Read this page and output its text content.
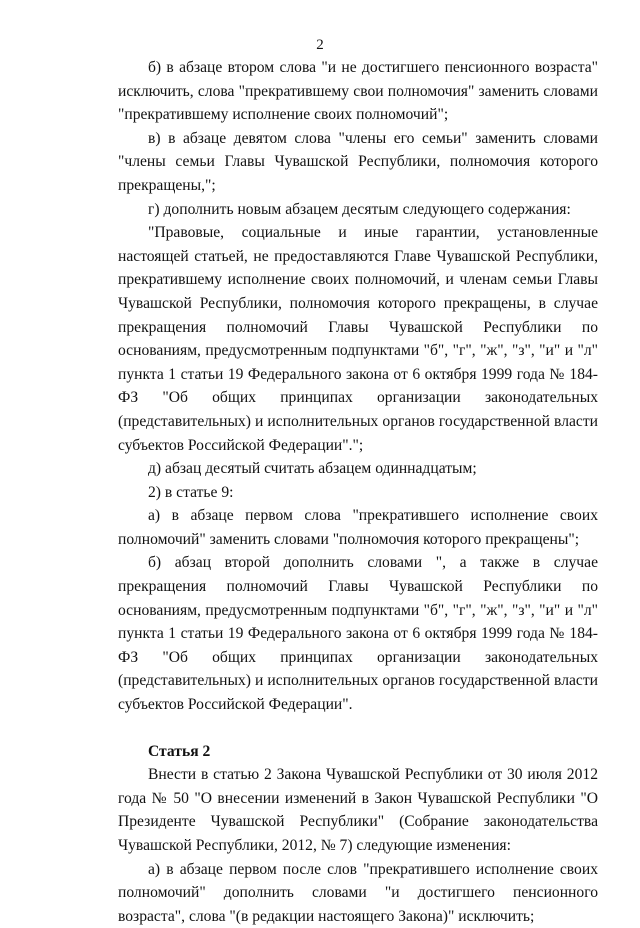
2

б) в абзаце втором слова "и не достигшего пенсионного возраста" исключить, слова "прекратившему свои полномочия" заменить словами "прекратившему исполнение своих полномочий";

в) в абзаце девятом слова "члены его семьи" заменить словами "члены семьи Главы Чувашской Республики, полномочия которого прекращены,";

г) дополнить новым абзацем десятым следующего содержания:

"Правовые, социальные и иные гарантии, установленные настоящей статьей, не предоставляются Главе Чувашской Республики, прекратившему исполнение своих полномочий, и членам семьи Главы Чувашской Республики, полномочия которого прекращены, в случае прекращения полномочий Главы Чувашской Республики по основаниям, предусмотренным подпунктами "б", "г", "ж", "з", "и" и "л" пункта 1 статьи 19 Федерального закона от 6 октября 1999 года № 184-ФЗ "Об общих принципах организации законодательных (представительных) и исполнительных органов государственной власти субъектов Российской Федерации".";

д) абзац десятый считать абзацем одиннадцатым;

2) в статье 9:

а) в абзаце первом слова "прекратившего исполнение своих полномочий" заменить словами "полномочия которого прекращены";

б) абзац второй дополнить словами ", а также в случае прекращения полномочий Главы Чувашской Республики по основаниям, предусмотренным подпунктами "б", "г", "ж", "з", "и" и "л" пункта 1 статьи 19 Федерального закона от 6 октября 1999 года № 184-ФЗ "Об общих принципах организации законодательных (представительных) и исполнительных органов государственной власти субъектов Российской Федерации".

Статья 2

Внести в статью 2 Закона Чувашской Республики от 30 июля 2012 года № 50 "О внесении изменений в Закон Чувашской Республики "О Президенте Чувашской Республики" (Собрание законодательства Чувашской Республики, 2012, № 7) следующие изменения:

а) в абзаце первом после слов "прекратившего исполнение своих полномочий" дополнить словами "и достигшего пенсионного возраста", слова "(в редакции настоящего Закона)" исключить;
